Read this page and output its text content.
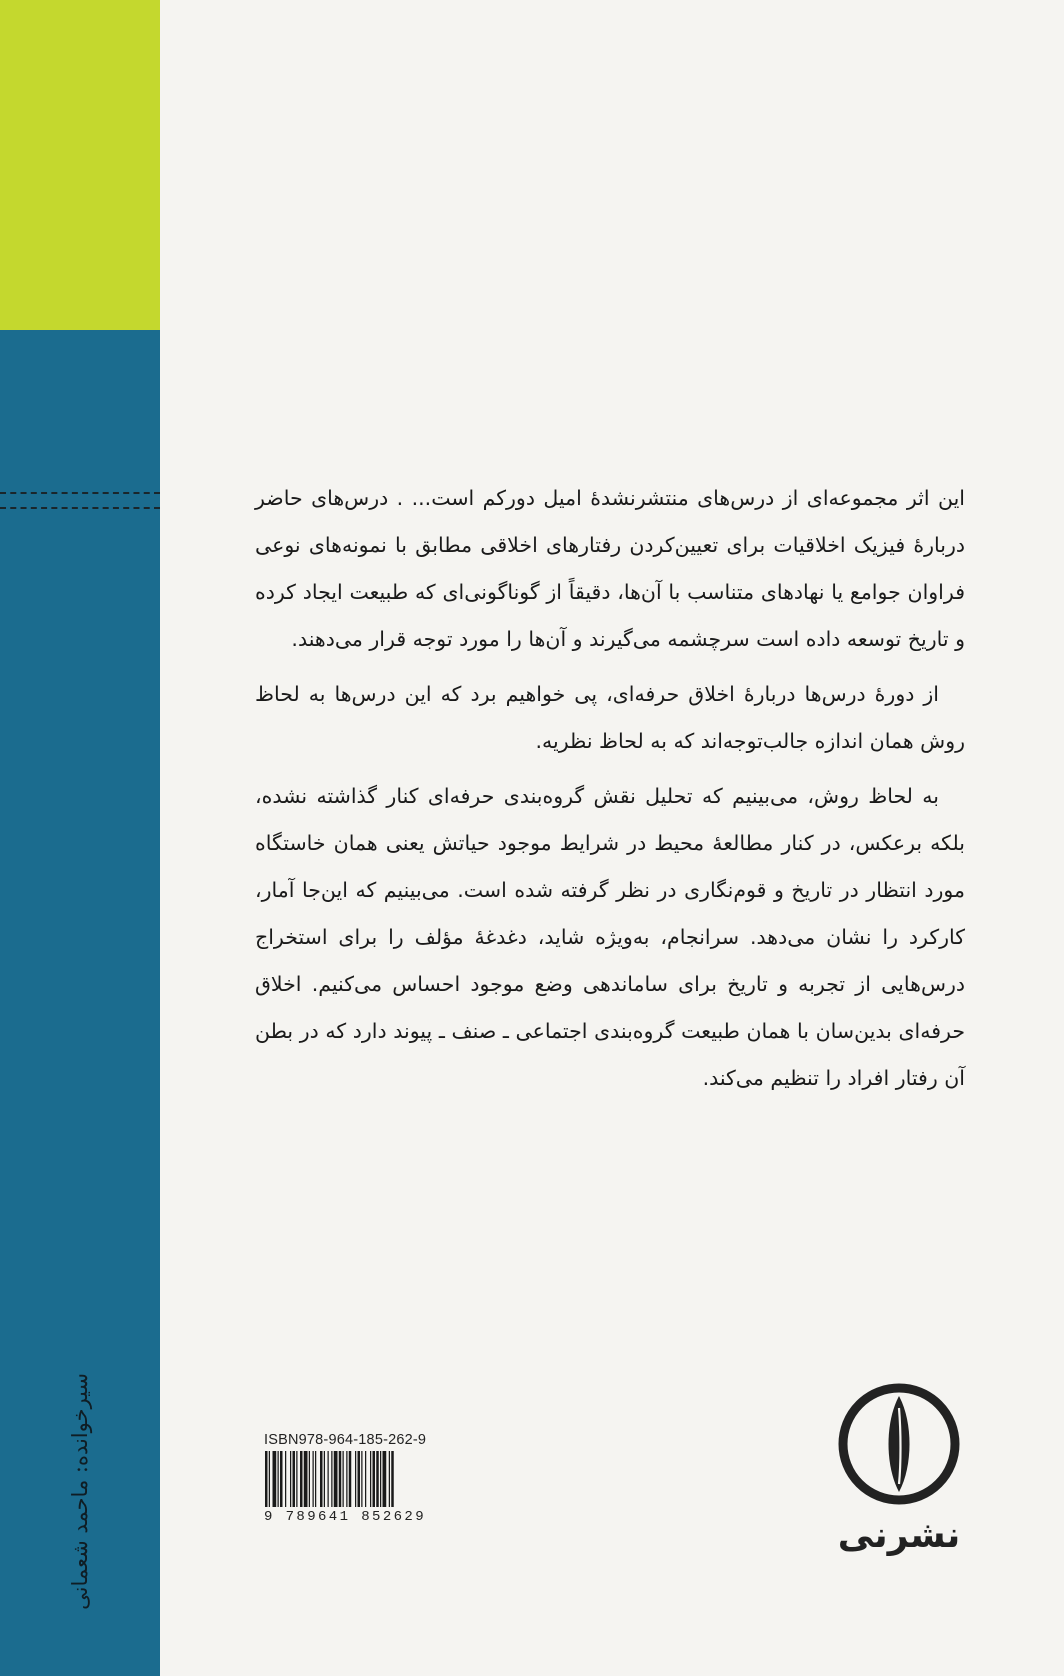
سیرخوانده: ماحمد شعمانی

این اثر مجموعه‌ای از درس‌های منتشرنشدهٔ امیل دورکم است... . درس‌های حاضر دربارهٔ فیزیک اخلاقیات برای تعیین‌کردن رفتارهای اخلاقی مطابق با نمونه‌های نوعی فراوان جوامع یا نهادهای متناسب با آن‌ها، دقیقاً از گوناگونی‌ای که طبیعت ایجاد کرده و تاریخ توسعه داده است سرچشمه می‌گیرند و آن‌ها را مورد توجه قرار می‌دهند.

از دورهٔ درس‌ها دربارهٔ اخلاق حرفه‌ای، پی خواهیم برد که این درس‌ها به لحاظ روش همان اندازه جالب‌توجه‌اند که به لحاظ نظریه.

به لحاظ روش، می‌بینیم که تحلیل نقش گروه‌بندی حرفه‌ای کنار گذاشته نشده، بلکه برعکس، در کنار مطالعهٔ محیط در شرایط موجود حیاتش یعنی همان خاستگاه مورد انتظار در تاریخ و قوم‌نگاری در نظر گرفته شده است. می‌بینیم که این‌جا آمار، کارکرد را نشان می‌دهد. سرانجام، به‌ویژه شاید، دغدغهٔ مؤلف را برای استخراج درس‌هایی از تجربه و تاریخ برای ساماندهی وضع موجود احساس می‌کنیم. اخلاق حرفه‌ای بدین‌سان با همان طبیعت گروه‌بندی اجتماعی ـ صنف ـ پیوند دارد که در بطن آن رفتار افراد را تنظیم می‌کند.

ISBN978-964-185-262-9
9 789641 852629	نشرنی
